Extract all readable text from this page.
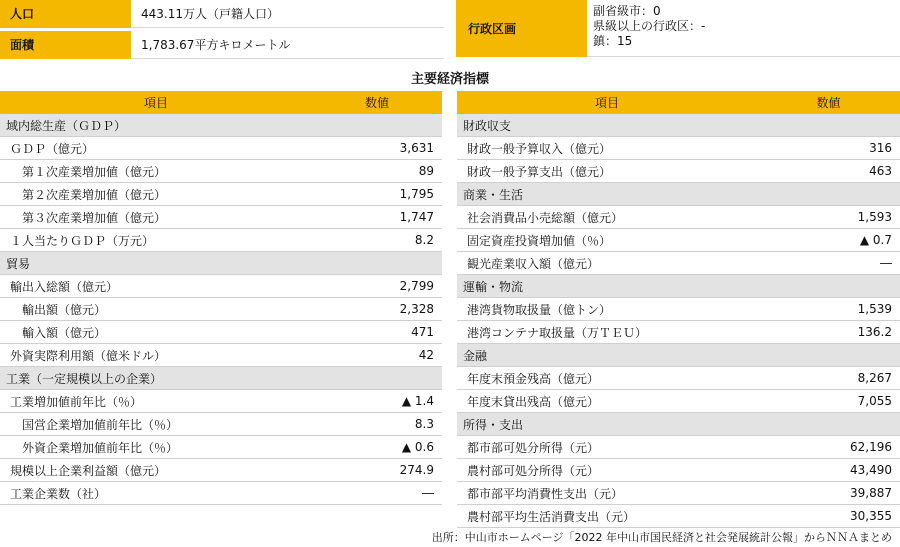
人口	443.11万人（戸籍人口）

面積	1,783.67平方キロメートル
行政区画
副省級市：0
県級以上の行政区：-
鎮：15
主要経済指標
項目	数値
域内総生産（ＧＤＰ）	
ＧＤＰ（億元）	3,631
第１次産業増加値（億元）	89
第２次産業増加値（億元）	1,795
第３次産業増加値（億元）	1,747
１人当たりＧＤＰ（万元）	8.2
貿易	
輸出入総額（億元）	2,799
輸出額（億元）	2,328
輸入額（億元）	471
外資実際利用額（億米ドル）	42
工業（一定規模以上の企業）	
工業増加値前年比（％）	▲ 1.4
国営企業増加値前年比（％）	8.3
外資企業増加値前年比（％）	▲ 0.6
規模以上企業利益額（億元）	274.9
工業企業数（社）	―
項目	数値
財政収支	
財政一般予算収入（億元）	316
財政一般予算支出（億元）	463
商業・生活	
社会消費品小売総額（億元）	1,593
固定資産投資増加値（％）	▲ 0.7
観光産業収入額（億元）	―
運輸・物流	
港湾貨物取扱量（億トン）	1,539
港湾コンテナ取扱量（万ＴＥＵ）	136.2
金融	
年度末預金残高（億元）	8,267
年度末貸出残高（億元）	7,055
所得・支出	
都市部可処分所得（元）	62,196
農村部可処分所得（元）	43,490
都市部平均消費性支出（元）	39,887
農村部平均生活消費支出（元）	30,355
出所：中山市ホームページ「2022 年中山市国民経済と社会発展統計公報」からＮＮＡまとめ
